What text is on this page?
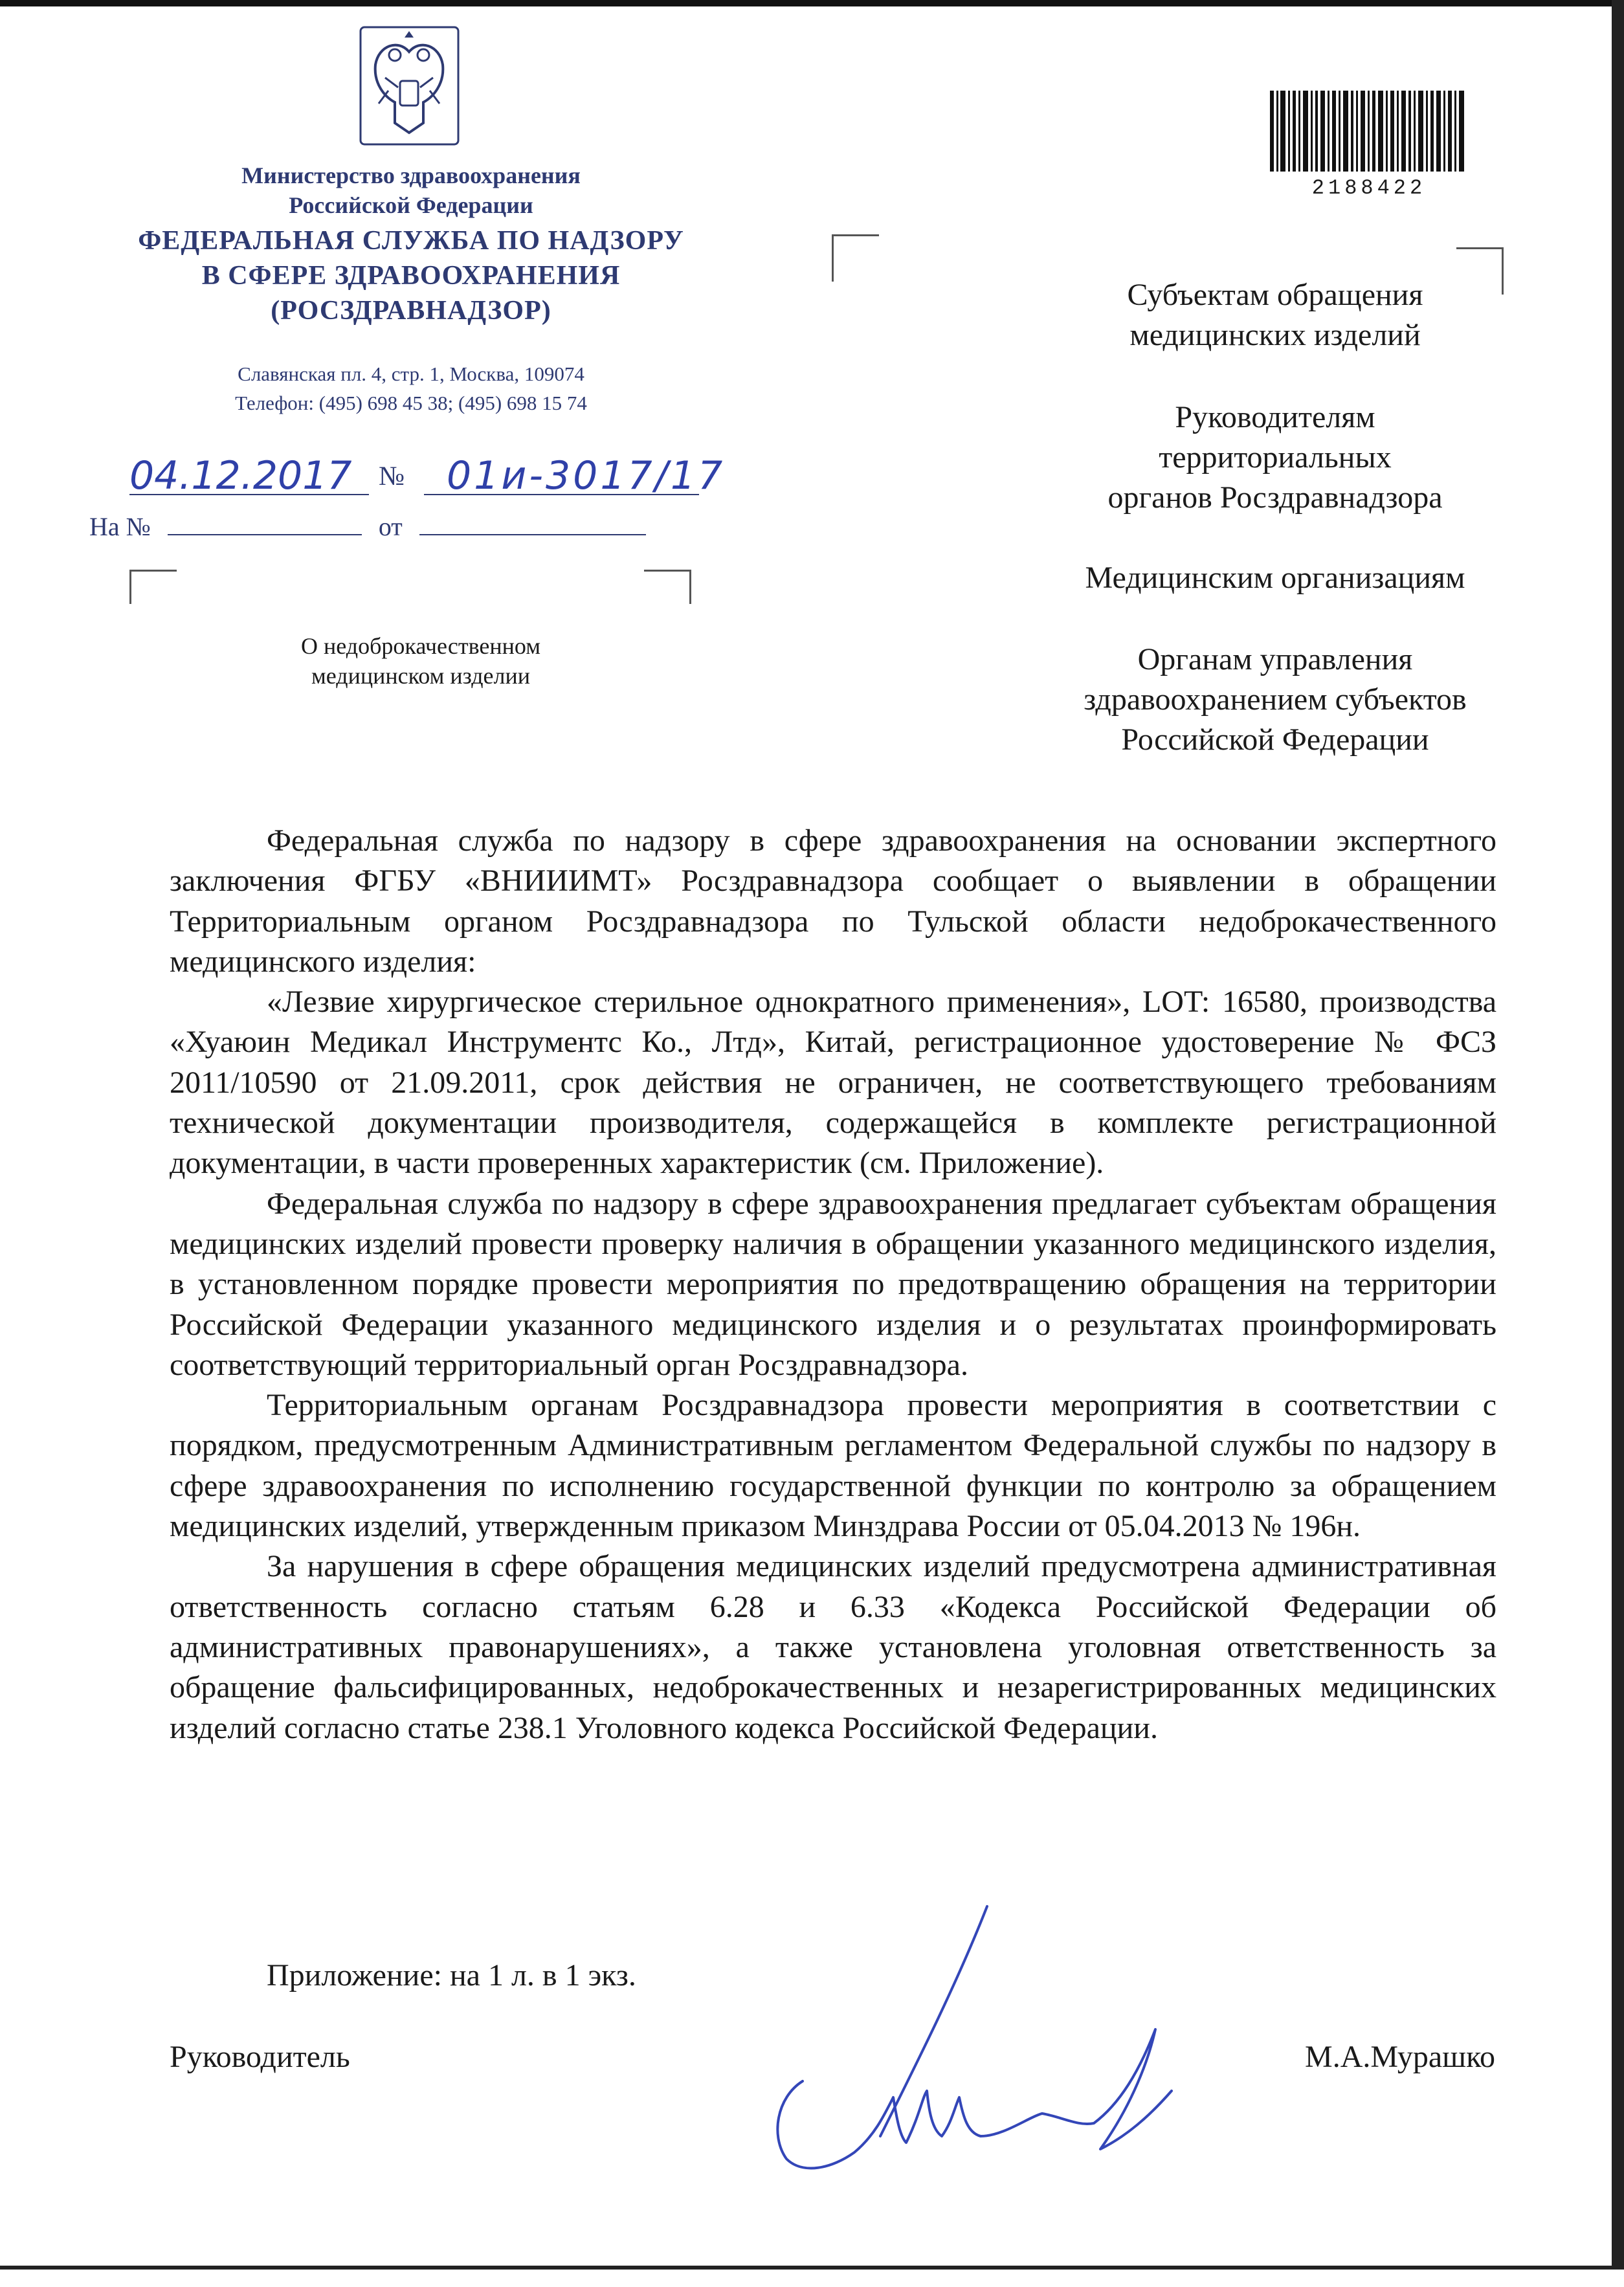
Министерство здравоохранения
Российской Федерации
ФЕДЕРАЛЬНАЯ СЛУЖБА ПО НАДЗОРУ
В СФЕРЕ ЗДРАВООХРАНЕНИЯ
(РОСЗДРАВНАДЗОР)
Славянская пл. 4, стр. 1, Москва, 109074
Телефон: (495) 698 45 38; (495) 698 15 74
04.12.2017 № 01и-3017/17
На №	от
О недоброкачественном
медицинском изделии
2188422
Субъектам обращения
медицинских изделий
Руководителям
территориальных
органов Росздравнадзора
Медицинским организациям
Органам управления
здравоохранением субъектов
Российской Федерации

Федеральная служба по надзору в сфере здравоохранения на основании экспертного заключения ФГБУ «ВНИИИМТ» Росздравнадзора сообщает о выявлении в обращении Территориальным органом Росздравнадзора по Тульской области недоброкачественного медицинского изделия:

«Лезвие хирургическое стерильное однократного применения», LOT: 16580, производства «Хуаюин Медикал Инструментс Ко., Лтд», Китай, регистрационное удостоверение № ФСЗ 2011/10590 от 21.09.2011, срок действия не ограничен, не соответствующего требованиям технической документации производителя, содержащейся в комплекте регистрационной документации, в части проверенных характеристик (см. Приложение).

Федеральная служба по надзору в сфере здравоохранения предлагает субъектам обращения медицинских изделий провести проверку наличия в обращении указанного медицинского изделия, в установленном порядке провести мероприятия по предотвращению обращения на территории Российской Федерации указанного медицинского изделия и о результатах проинформировать соответствующий территориальный орган Росздравнадзора.

Территориальным органам Росздравнадзора провести мероприятия в соответствии с порядком, предусмотренным Административным регламентом Федеральной службы по надзору в сфере здравоохранения по исполнению государственной функции по контролю за обращением медицинских изделий, утвержденным приказом Минздрава России от 05.04.2013 № 196н.

За нарушения в сфере обращения медицинских изделий предусмотрена административная ответственность согласно статьям 6.28 и 6.33 «Кодекса Российской Федерации об административных правонарушениях», а также установлена уголовная ответственность за обращение фальсифицированных, недоброкачественных и незарегистрированных медицинских изделий согласно статье 238.1 Уголовного кодекса Российской Федерации.

Приложение: на 1 л. в 1 экз.
Руководитель	М.А.Мурашко
